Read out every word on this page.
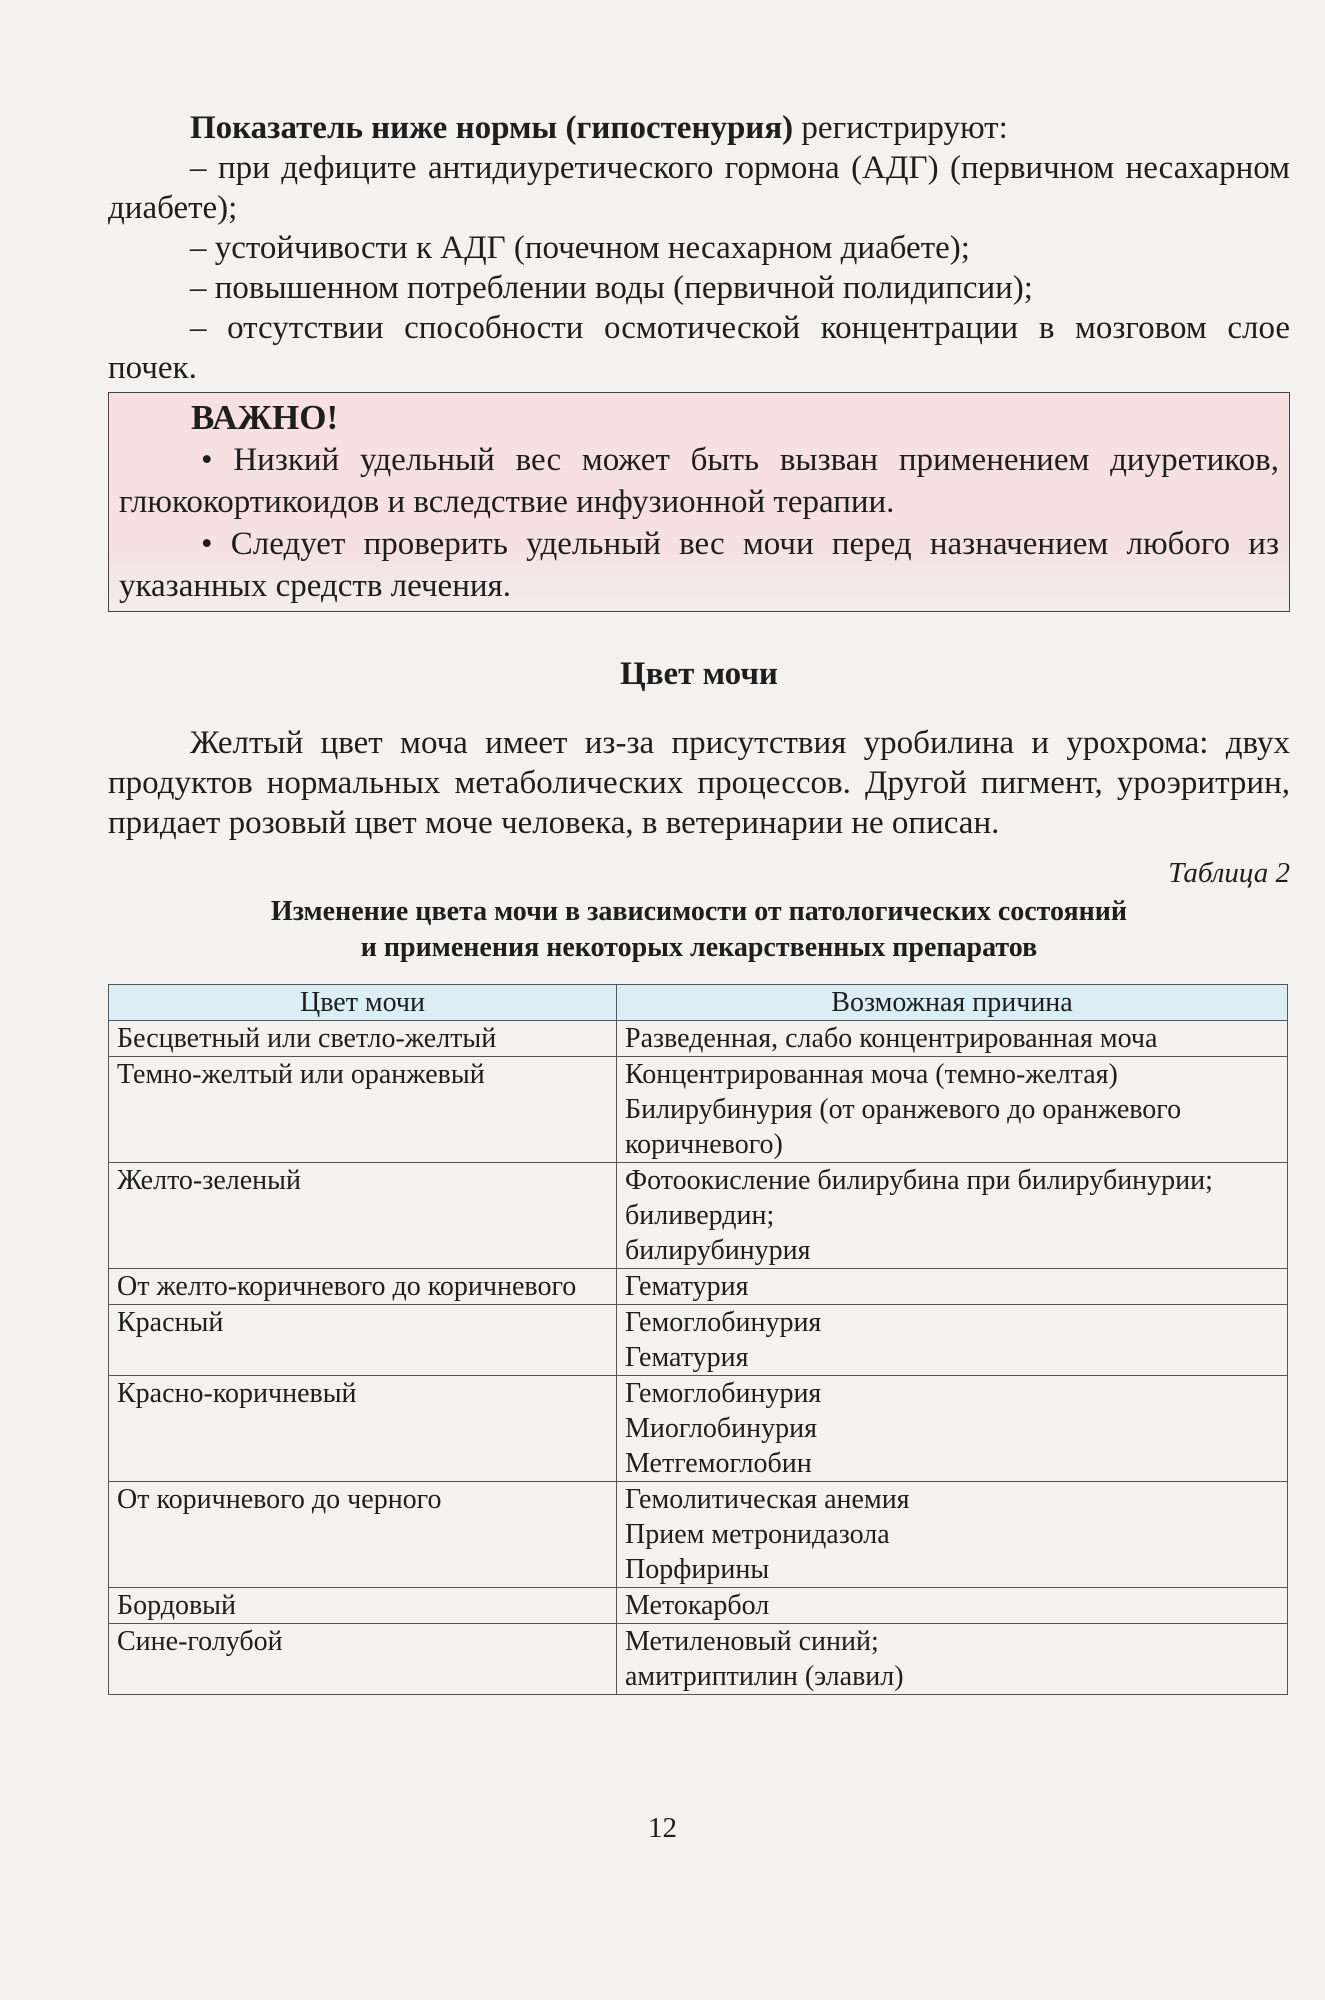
Показатель ниже нормы (гипостенурия) регистрируют:

– при дефиците антидиуретического гормона (АДГ) (первичном несахарном диабете);

– устойчивости к АДГ (почечном несахарном диабете);

– повышенном потреблении воды (первичной полидипсии);

– отсутствии способности осмотической концентрации в мозговом слое почек.

ВАЖНО!

• Низкий удельный вес может быть вызван применением диуретиков, глюкокортикоидов и вследствие инфузионной терапии.

• Следует проверить удельный вес мочи перед назначением любого из указанных средств лечения.

Цвет мочи

Желтый цвет моча имеет из-за присутствия уробилина и урохрома: двух продуктов нормальных метаболических процессов. Другой пигмент, уроэритрин, придает розовый цвет моче человека, в ветеринарии не описан.

Таблица 2
Изменение цвета мочи в зависимости от патологических состояний
и применения некоторых лекарственных препаратов
Цвет мочи	Возможная причина
Бесцветный или светло-желтый	Разведенная, слабо концентрированная моча

Темно-желтый или оранжевый	Концентрированная моча (темно-желтая)
Билирубинурия (от оранжевого до оранжевого коричневого)

Желто-зеленый	Фотоокисление билирубина при билирубинурии;
биливердин;
билирубинурия

От желто-коричневого до коричневого	Гематурия

Красный	Гемоглобинурия
Гематурия

Красно-коричневый	Гемоглобинурия
Миоглобинурия
Метгемоглобин

От коричневого до черного	Гемолитическая анемия
Прием метронидазола
Порфирины

Бордовый	Метокарбол

Сине-голубой	Метиленовый синий;
амитриптилин (элавил)
12
